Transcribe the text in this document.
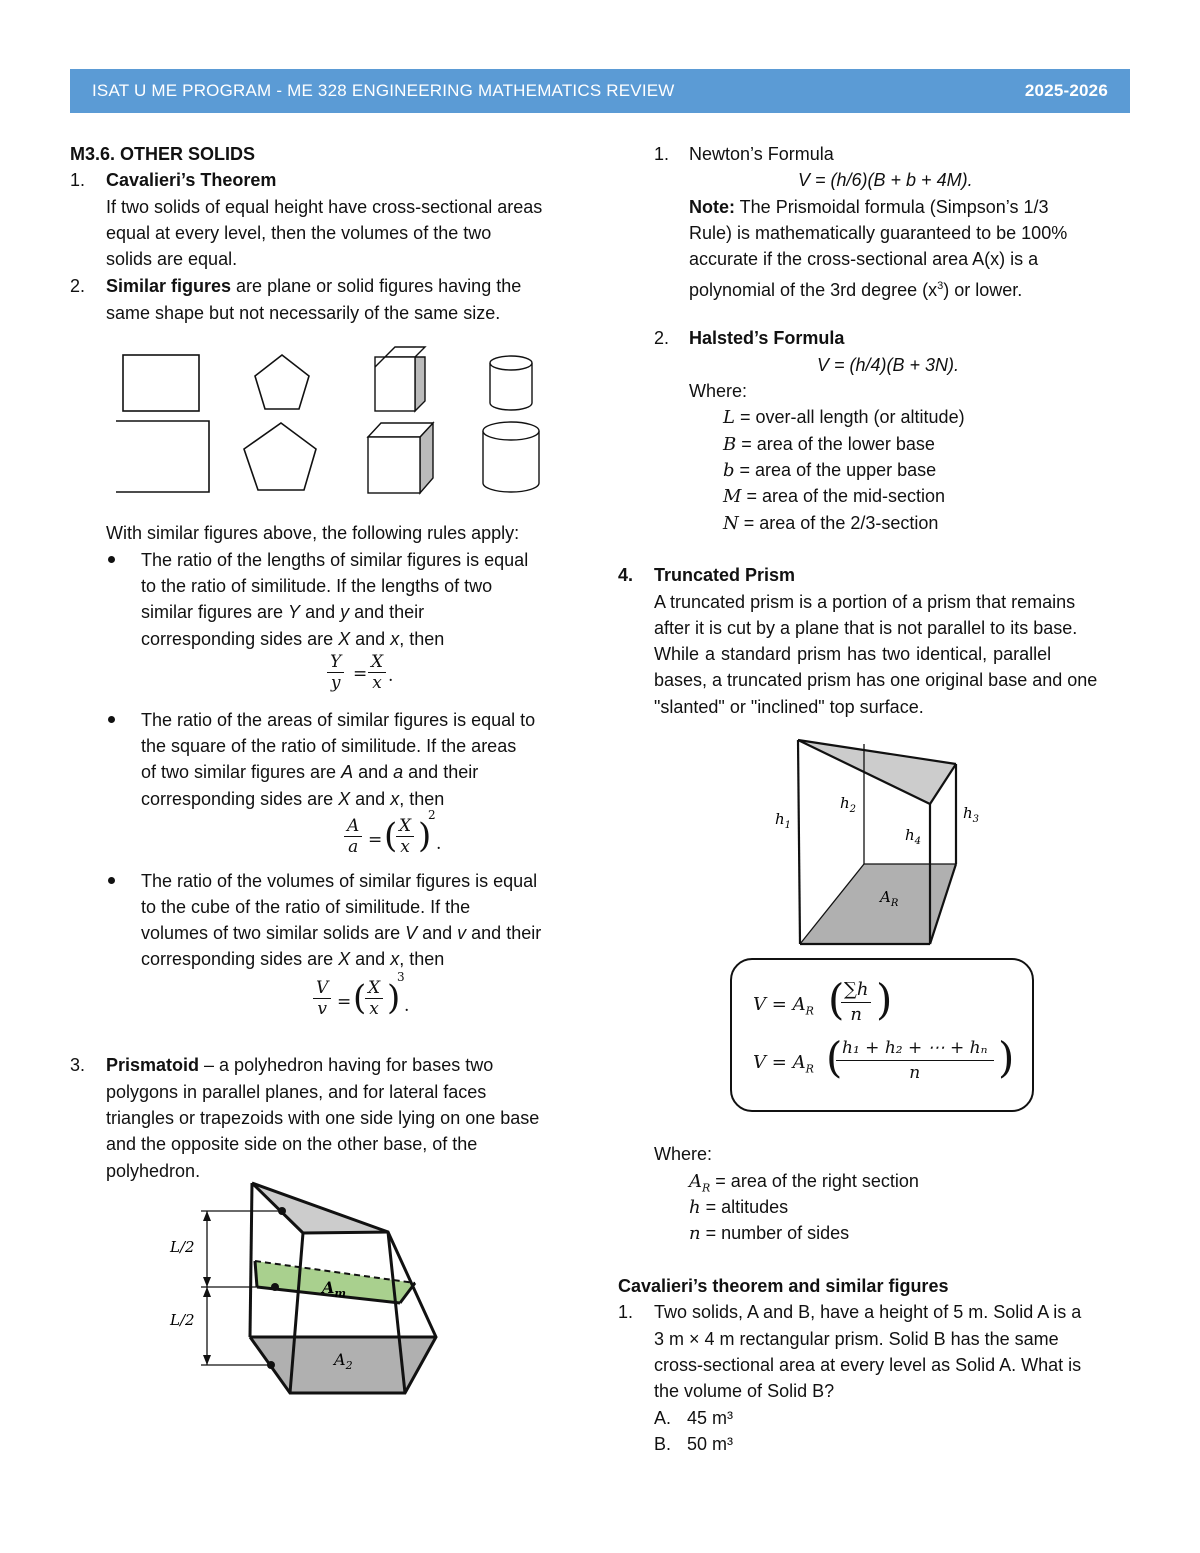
ISAT U ME PROGRAM - ME 328 ENGINEERING MATHEMATICS REVIEW	2025-2026
M3.6. OTHER SOLIDS
1. Cavalieri’s Theorem
If two solids of equal height have cross-sectional areas
equal at every level, then the volumes of the two
solids are equal.
2. Similar figures are plane or solid figures having the
same shape but not necessarily of the same size.
With similar figures above, the following rules apply:
The ratio of the lengths of similar figures is equal
to the ratio of similitude. If the lengths of two
similar figures are Y and y and their
corresponding sides are X and x, then
$\frac{Y}{y} = \frac{X}{x}$ .
The ratio of the areas of similar figures is equal to
the square of the ratio of similitude. If the areas
of two similar figures are A and a and their
corresponding sides are X and x, then
$\frac{A}{a}$ = (
$\frac{X}{x}$ )
2
.
The ratio of the volumes of similar figures is equal
to the cube of the ratio of similitude. If the
volumes of two similar solids are V and v and their
corresponding sides are X and x, then
$\frac{V}{v}$ = (
$\frac{X}{x}$ )
3
.
3. Prismatoid – a polyhedron having for bases two
polygons in parallel planes, and for lateral faces
triangles or trapezoids with one side lying on one base
and the opposite side on the other base, of the
polyhedron.
L/2
L/2
$A_m$
$A_2$
1. Newton’s Formula
V = (h/6)(B + b + 4M).
Note: The Prismoidal formula (Simpson’s 1/3
Rule) is mathematically guaranteed to be 100%
accurate if the cross-sectional area A(x) is a
polynomial of the 3rd degree $(x^3)$ or lower.
2. Halsted’s Formula
V = (h/4)(B + 3N).
Where:
L = over-all length (or altitude)
B = area of the lower base
b = area of the upper base
M = area of the mid-section
N = area of the 2/3-section
4. Truncated Prism
A truncated prism is a portion of a prism that remains
after it is cut by a plane that is not parallel to its base.
While a standard prism has two identical, parallel
bases, a truncated prism has one original base and one
"slanted" or "inclined" top surface.
$h_1$
$h_2$	$h_3$
$h_4$
$A_R$
$V = A_R$ (
$\frac{\sum h}{n}$ )
$V = A_R$ (
$\frac{\text{h₁ + h₂ + ⋯ + hₙ}}{n}$ )
Where:
$A_R$ = area of the right section
h = altitudes
n = number of sides
Cavalieri’s theorem and similar figures
1. Two solids, A and B, have a height of 5 m. Solid A is a
3 m × 4 m rectangular prism. Solid B has the same
cross-sectional area at every level as Solid A. What is
the volume of Solid B?
A. 45 m³
B. 50 m³
